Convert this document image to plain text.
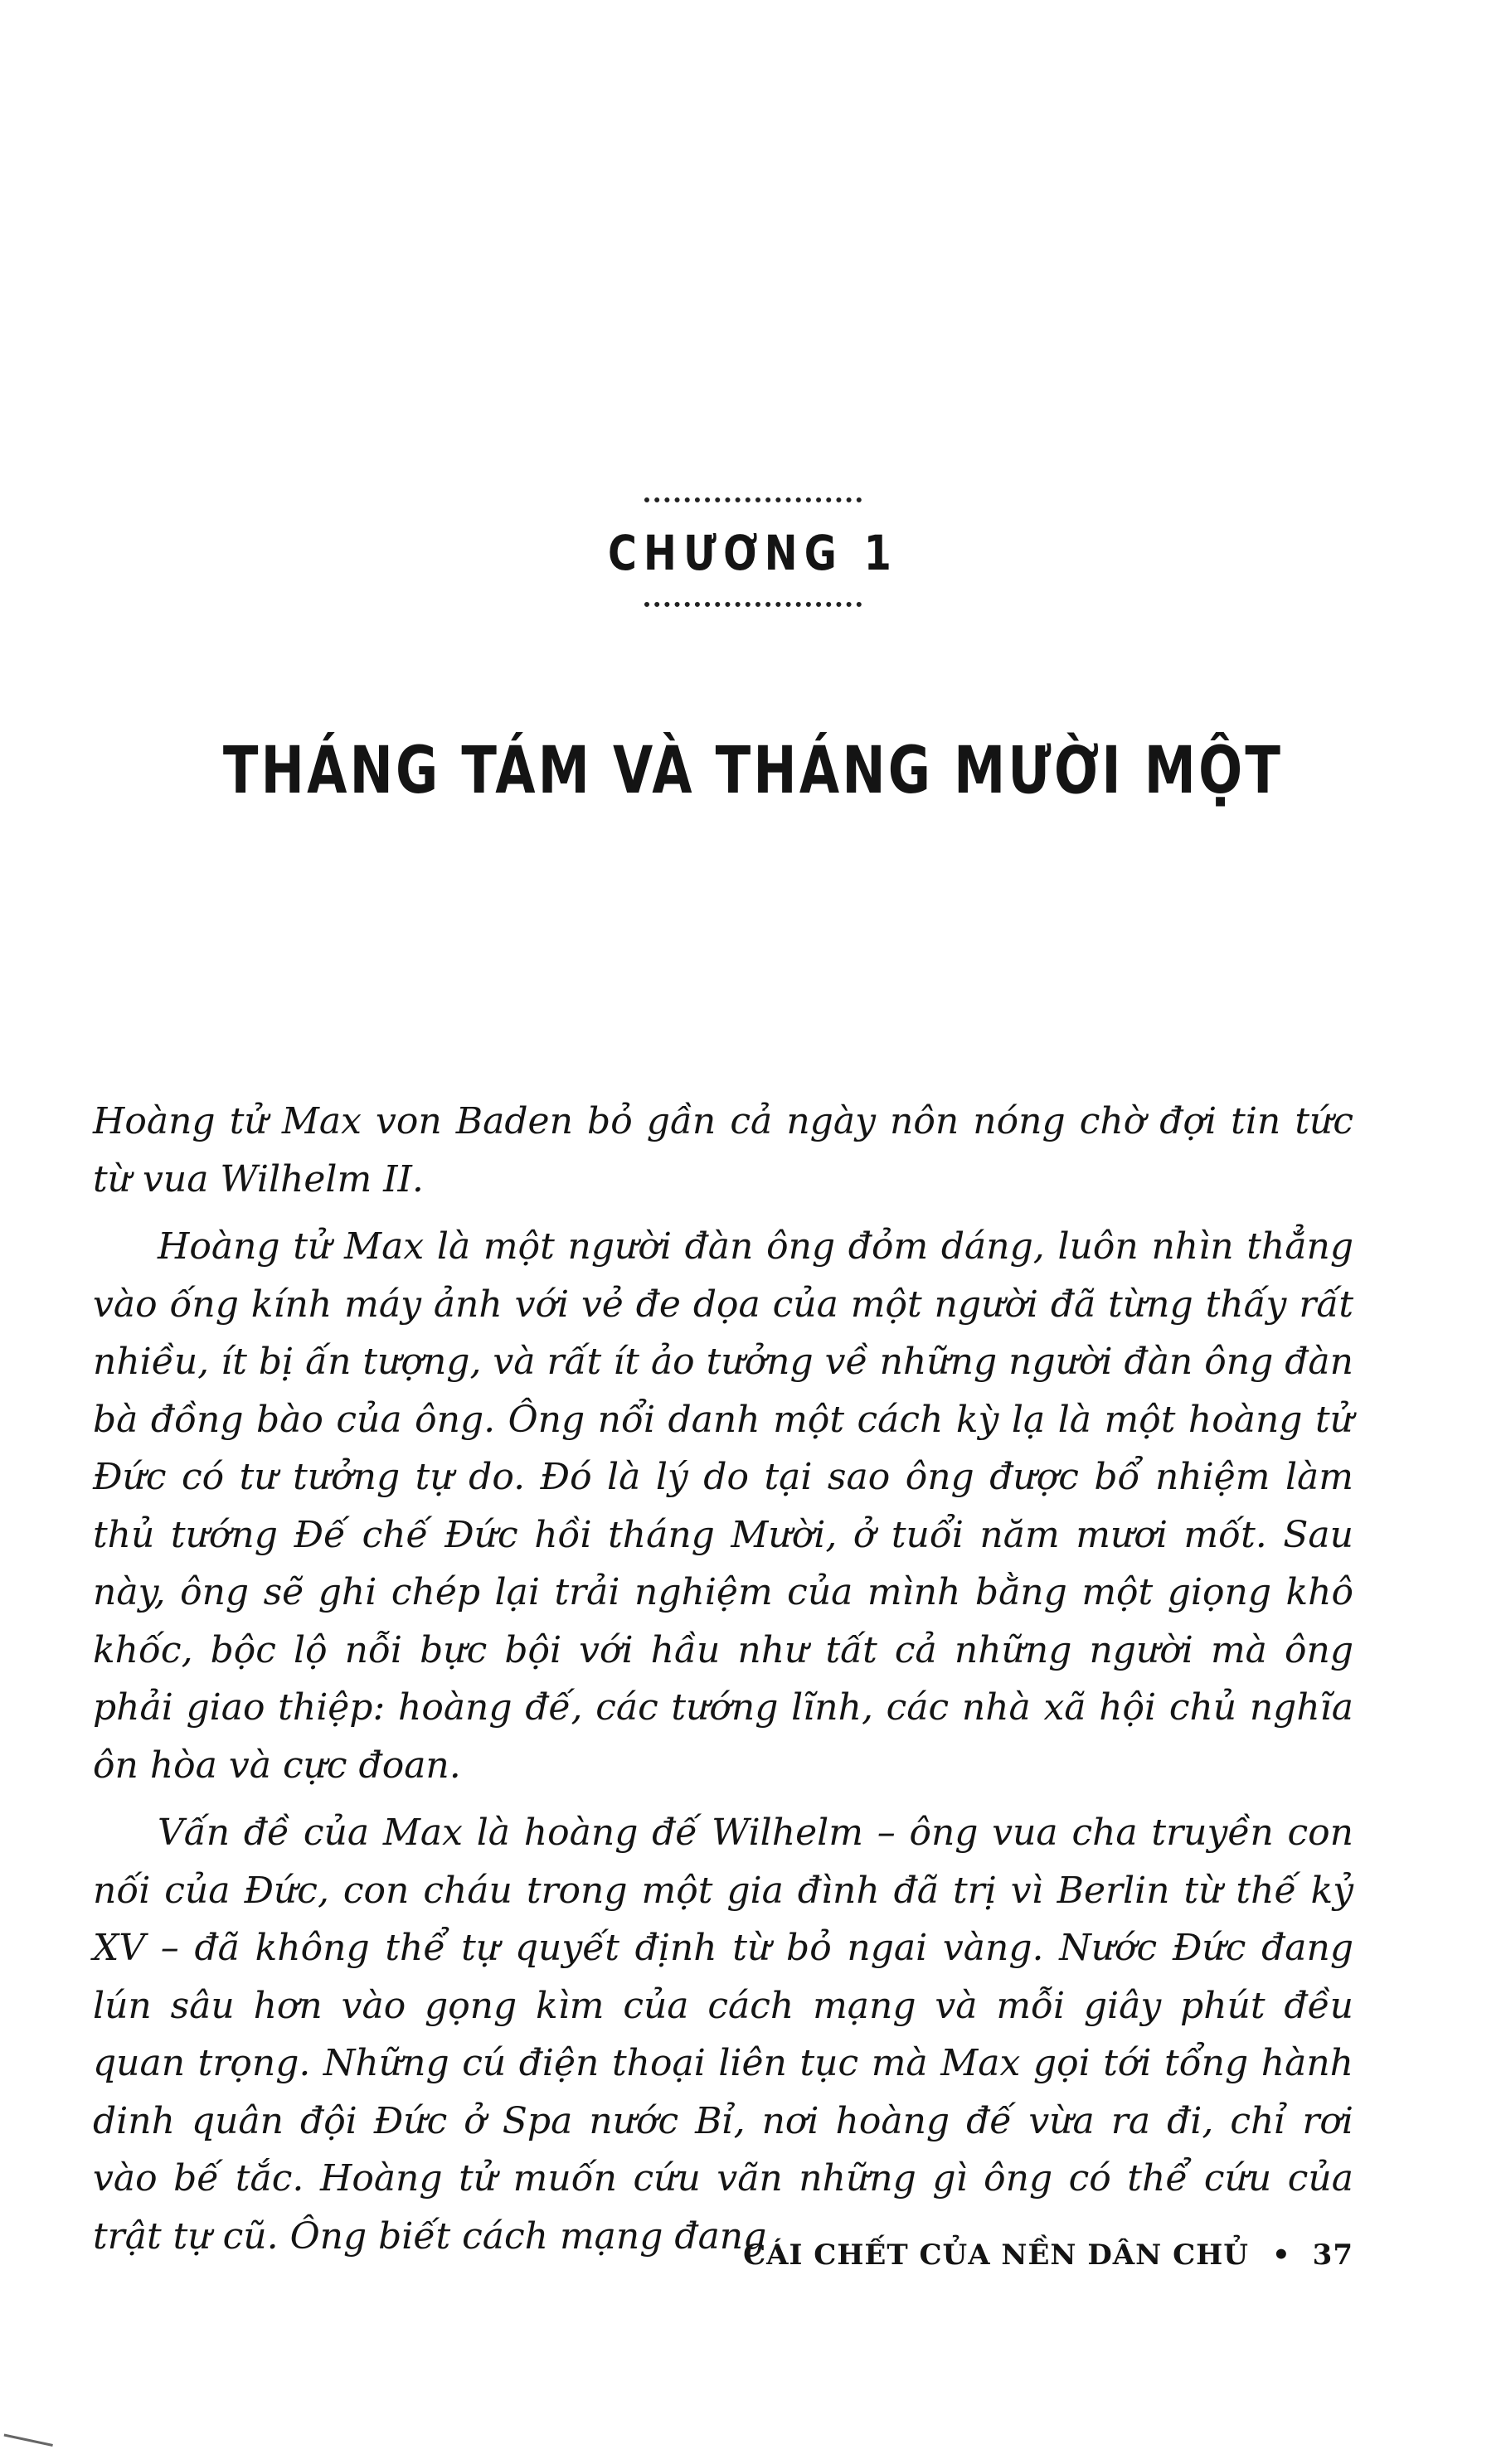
CHƯƠNG 1
THÁNG TÁM VÀ THÁNG MƯỜI MỘT

Hoàng tử Max von Baden bỏ gần cả ngày nôn nóng chờ đợi tin tức từ vua Wilhelm II.

Hoàng tử Max là một người đàn ông đỏm dáng, luôn nhìn thẳng vào ống kính máy ảnh với vẻ đe dọa của một người đã từng thấy rất nhiều, ít bị ấn tượng, và rất ít ảo tưởng về những người đàn ông đàn bà đồng bào của ông. Ông nổi danh một cách kỳ lạ là một hoàng tử Đức có tư tưởng tự do. Đó là lý do tại sao ông được bổ nhiệm làm thủ tướng Đế chế Đức hồi tháng Mười, ở tuổi năm mươi mốt. Sau này, ông sẽ ghi chép lại trải nghiệm của mình bằng một giọng khô khốc, bộc lộ nỗi bực bội với hầu như tất cả những người mà ông phải giao thiệp: hoàng đế, các tướng lĩnh, các nhà xã hội chủ nghĩa ôn hòa và cực đoan.

Vấn đề của Max là hoàng đế Wilhelm – ông vua cha truyền con nối của Đức, con cháu trong một gia đình đã trị vì Berlin từ thế kỷ XV – đã không thể tự quyết định từ bỏ ngai vàng. Nước Đức đang lún sâu hơn vào gọng kìm của cách mạng và mỗi giây phút đều quan trọng. Những cú điện thoại liên tục mà Max gọi tới tổng hành dinh quân đội Đức ở Spa nước Bỉ, nơi hoàng đế vừa ra đi, chỉ rơi vào bế tắc. Hoàng tử muốn cứu vãn những gì ông có thể cứu của trật tự cũ. Ông biết cách mạng đang

CÁI CHẾT CỦA NỀN DÂN CHỦ • 37
